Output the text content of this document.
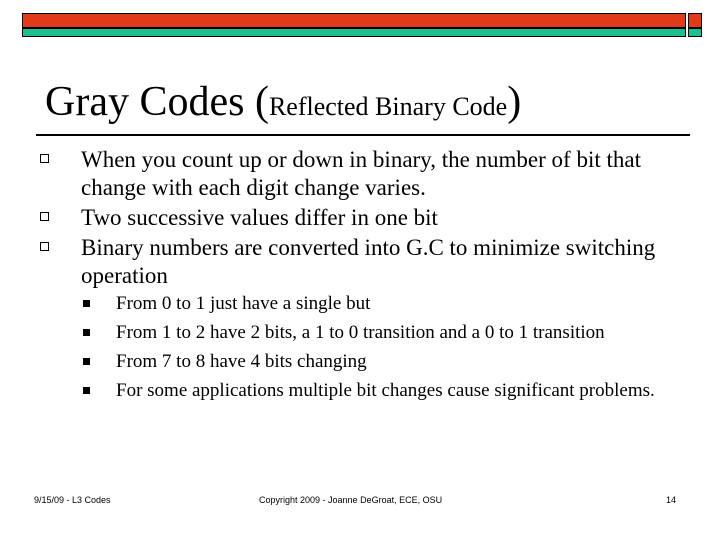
Gray Codes (Reflected Binary Code)
When you count up or down in binary, the number of bit that change with each digit change varies.
Two successive values differ in one bit
Binary numbers are converted into G.C to minimize switching operation
From 0 to 1 just have a single but
From 1 to 2 have 2 bits, a 1 to 0 transition and a 0 to 1 transition
From 7 to 8 have 4 bits changing
For some applications multiple bit changes cause significant problems.
9/15/09 - L3 Codes	Copyright 2009 - Joanne DeGroat, ECE, OSU	14
